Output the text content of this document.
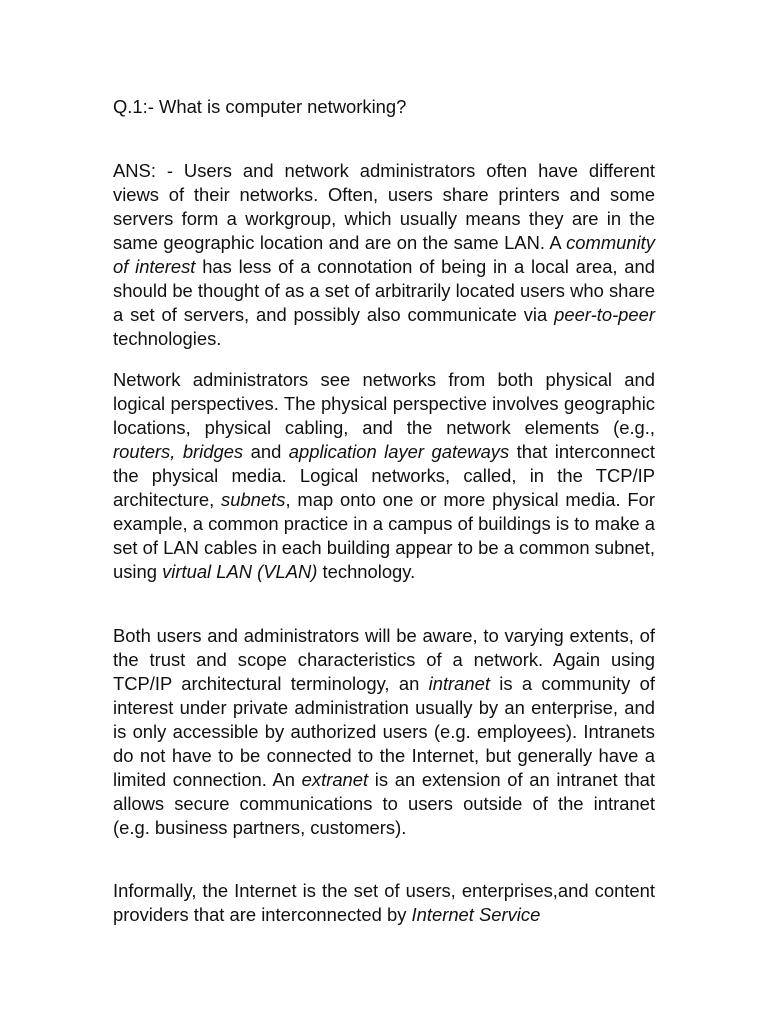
Q.1:- What is computer networking?

ANS: - Users and network administrators often have different views of their networks. Often, users share printers and some servers form a workgroup, which usually means they are in the same geographic location and are on the same LAN. A community of interest has less of a connotation of being in a local area, and should be thought of as a set of arbitrarily located users who share a set of servers, and possibly also communicate via peer-to-peer technologies.

Network administrators see networks from both physical and logical perspectives. The physical perspective involves geographic locations, physical cabling, and the network elements (e.g., routers, bridges and application layer gateways that interconnect the physical media. Logical networks, called, in the TCP/IP architecture, subnets, map onto one or more physical media. For example, a common practice in a campus of buildings is to make a set of LAN cables in each building appear to be a common subnet, using virtual LAN (VLAN) technology.

Both users and administrators will be aware, to varying extents, of the trust and scope characteristics of a network. Again using TCP/IP architectural terminology, an intranet is a community of interest under private administration usually by an enterprise, and is only accessible by authorized users (e.g. employees). Intranets do not have to be connected to the Internet, but generally have a limited connection. An extranet is an extension of an intranet that allows secure communications to users outside of the intranet (e.g. business partners, customers).

Informally, the Internet is the set of users, enterprises,and content providers that are interconnected by Internet Service
